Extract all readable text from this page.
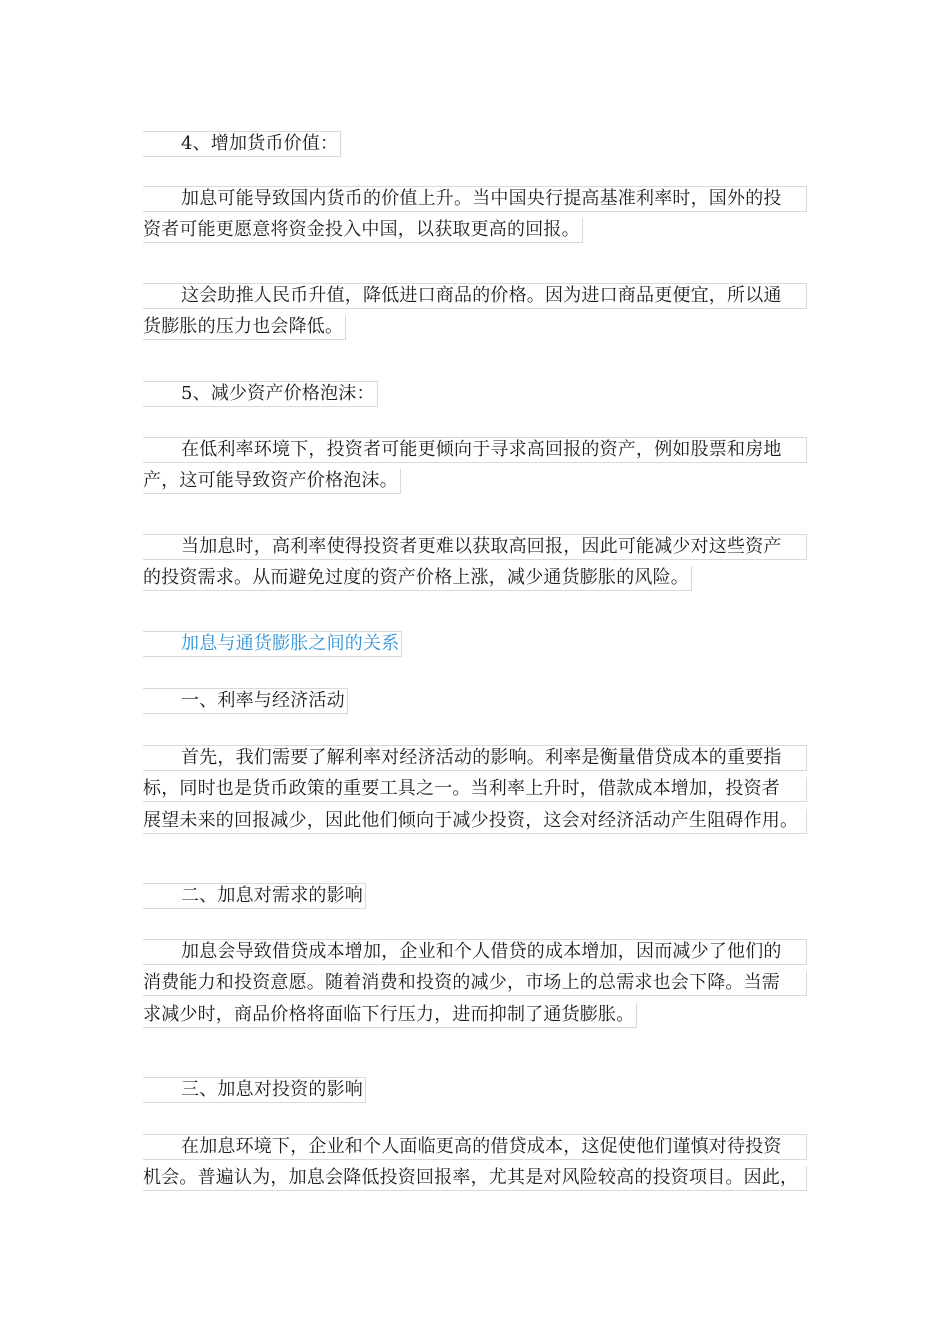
4、增加货币价值：
加息可能导致国内货币的价值上升。当中国央行提高基准利率时，国外的投
资者可能更愿意将资金投入中国，以获取更高的回报。
这会助推人民币升值，降低进口商品的价格。因为进口商品更便宜，所以通
货膨胀的压力也会降低。
5、减少资产价格泡沫：
在低利率环境下，投资者可能更倾向于寻求高回报的资产，例如股票和房地
产，这可能导致资产价格泡沫。
当加息时，高利率使得投资者更难以获取高回报，因此可能减少对这些资产
的投资需求。从而避免过度的资产价格上涨，减少通货膨胀的风险。
加息与通货膨胀之间的关系
一、利率与经济活动
首先，我们需要了解利率对经济活动的影响。利率是衡量借贷成本的重要指
标，同时也是货币政策的重要工具之一。当利率上升时，借款成本增加，投资者
展望未来的回报减少，因此他们倾向于减少投资，这会对经济活动产生阻碍作用。
二、加息对需求的影响
加息会导致借贷成本增加，企业和个人借贷的成本增加，因而减少了他们的
消费能力和投资意愿。随着消费和投资的减少，市场上的总需求也会下降。当需
求减少时，商品价格将面临下行压力，进而抑制了通货膨胀。
三、加息对投资的影响
在加息环境下，企业和个人面临更高的借贷成本，这促使他们谨慎对待投资
机会。普遍认为，加息会降低投资回报率，尤其是对风险较高的投资项目。因此，
